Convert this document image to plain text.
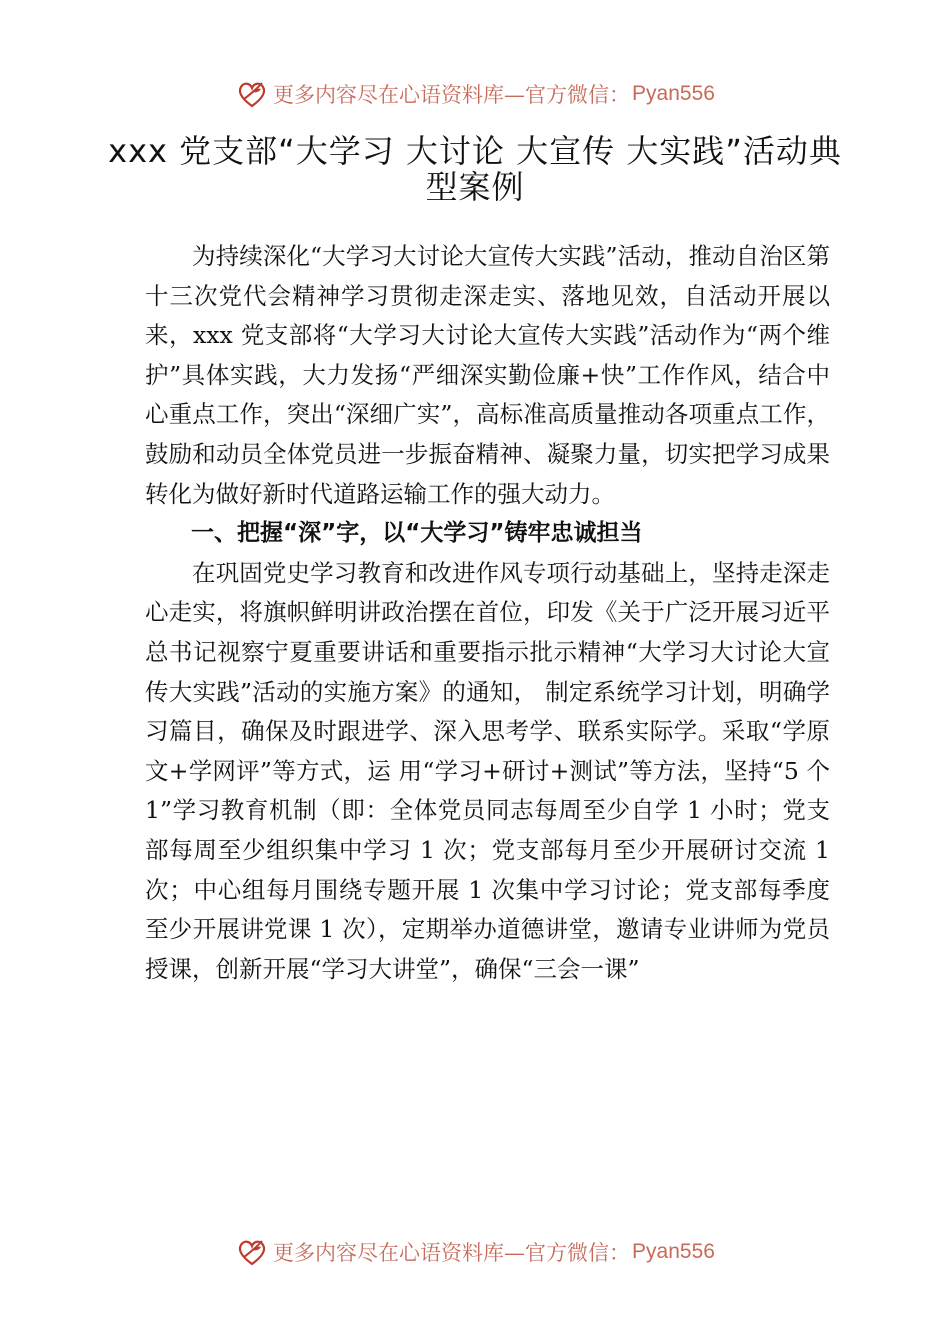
更多内容尽在心语资料库—官方微信： Pyan556
xxx 党支部“大学习 大讨论 大宣传 大实践”活动典型案例

为持续深化“大学习大讨论大宣传大实践”活动，推动自治区第十三次党代会精神学习贯彻走深走实、落地见效，自活动开展以来，xxx 党支部将“大学习大讨论大宣传大实践”活动作为“两个维护”具体实践，大力发扬“严细深实勤俭廉+快”工作作风，结合中心重点工作，突出“深细广实”，高标准高质量推动各项重点工作，鼓励和动员全体党员进一步振奋精神、凝聚力量，切实把学习成果转化为做好新时代道路运输工作的强大动力。

一、把握“深”字，以“大学习”铸牢忠诚担当

在巩固党史学习教育和改进作风专项行动基础上，坚持走深走心走实，将旗帜鲜明讲政治摆在首位，印发《关于广泛开展习近平总书记视察宁夏重要讲话和重要指示批示精神“大学习大讨论大宣传大实践”活动的实施方案》的通知， 制定系统学习计划，明确学习篇目，确保及时跟进学、深入思考学、联系实际学。采取“学原文+学网评”等方式，运 用“学习+研讨+测试”等方法，坚持“5 个 1”学习教育机制（即：全体党员同志每周至少自学 1 小时；党支部每周至少组织集中学习 1 次；党支部每月至少开展研讨交流 1 次；中心组每月围绕专题开展 1 次集中学习讨论；党支部每季度至少开展讲党课 1 次），定期举办道德讲堂，邀请专业讲师为党员授课，创新开展“学习大讲堂”，确保“三会一课”

更多内容尽在心语资料库—官方微信： Pyan556
